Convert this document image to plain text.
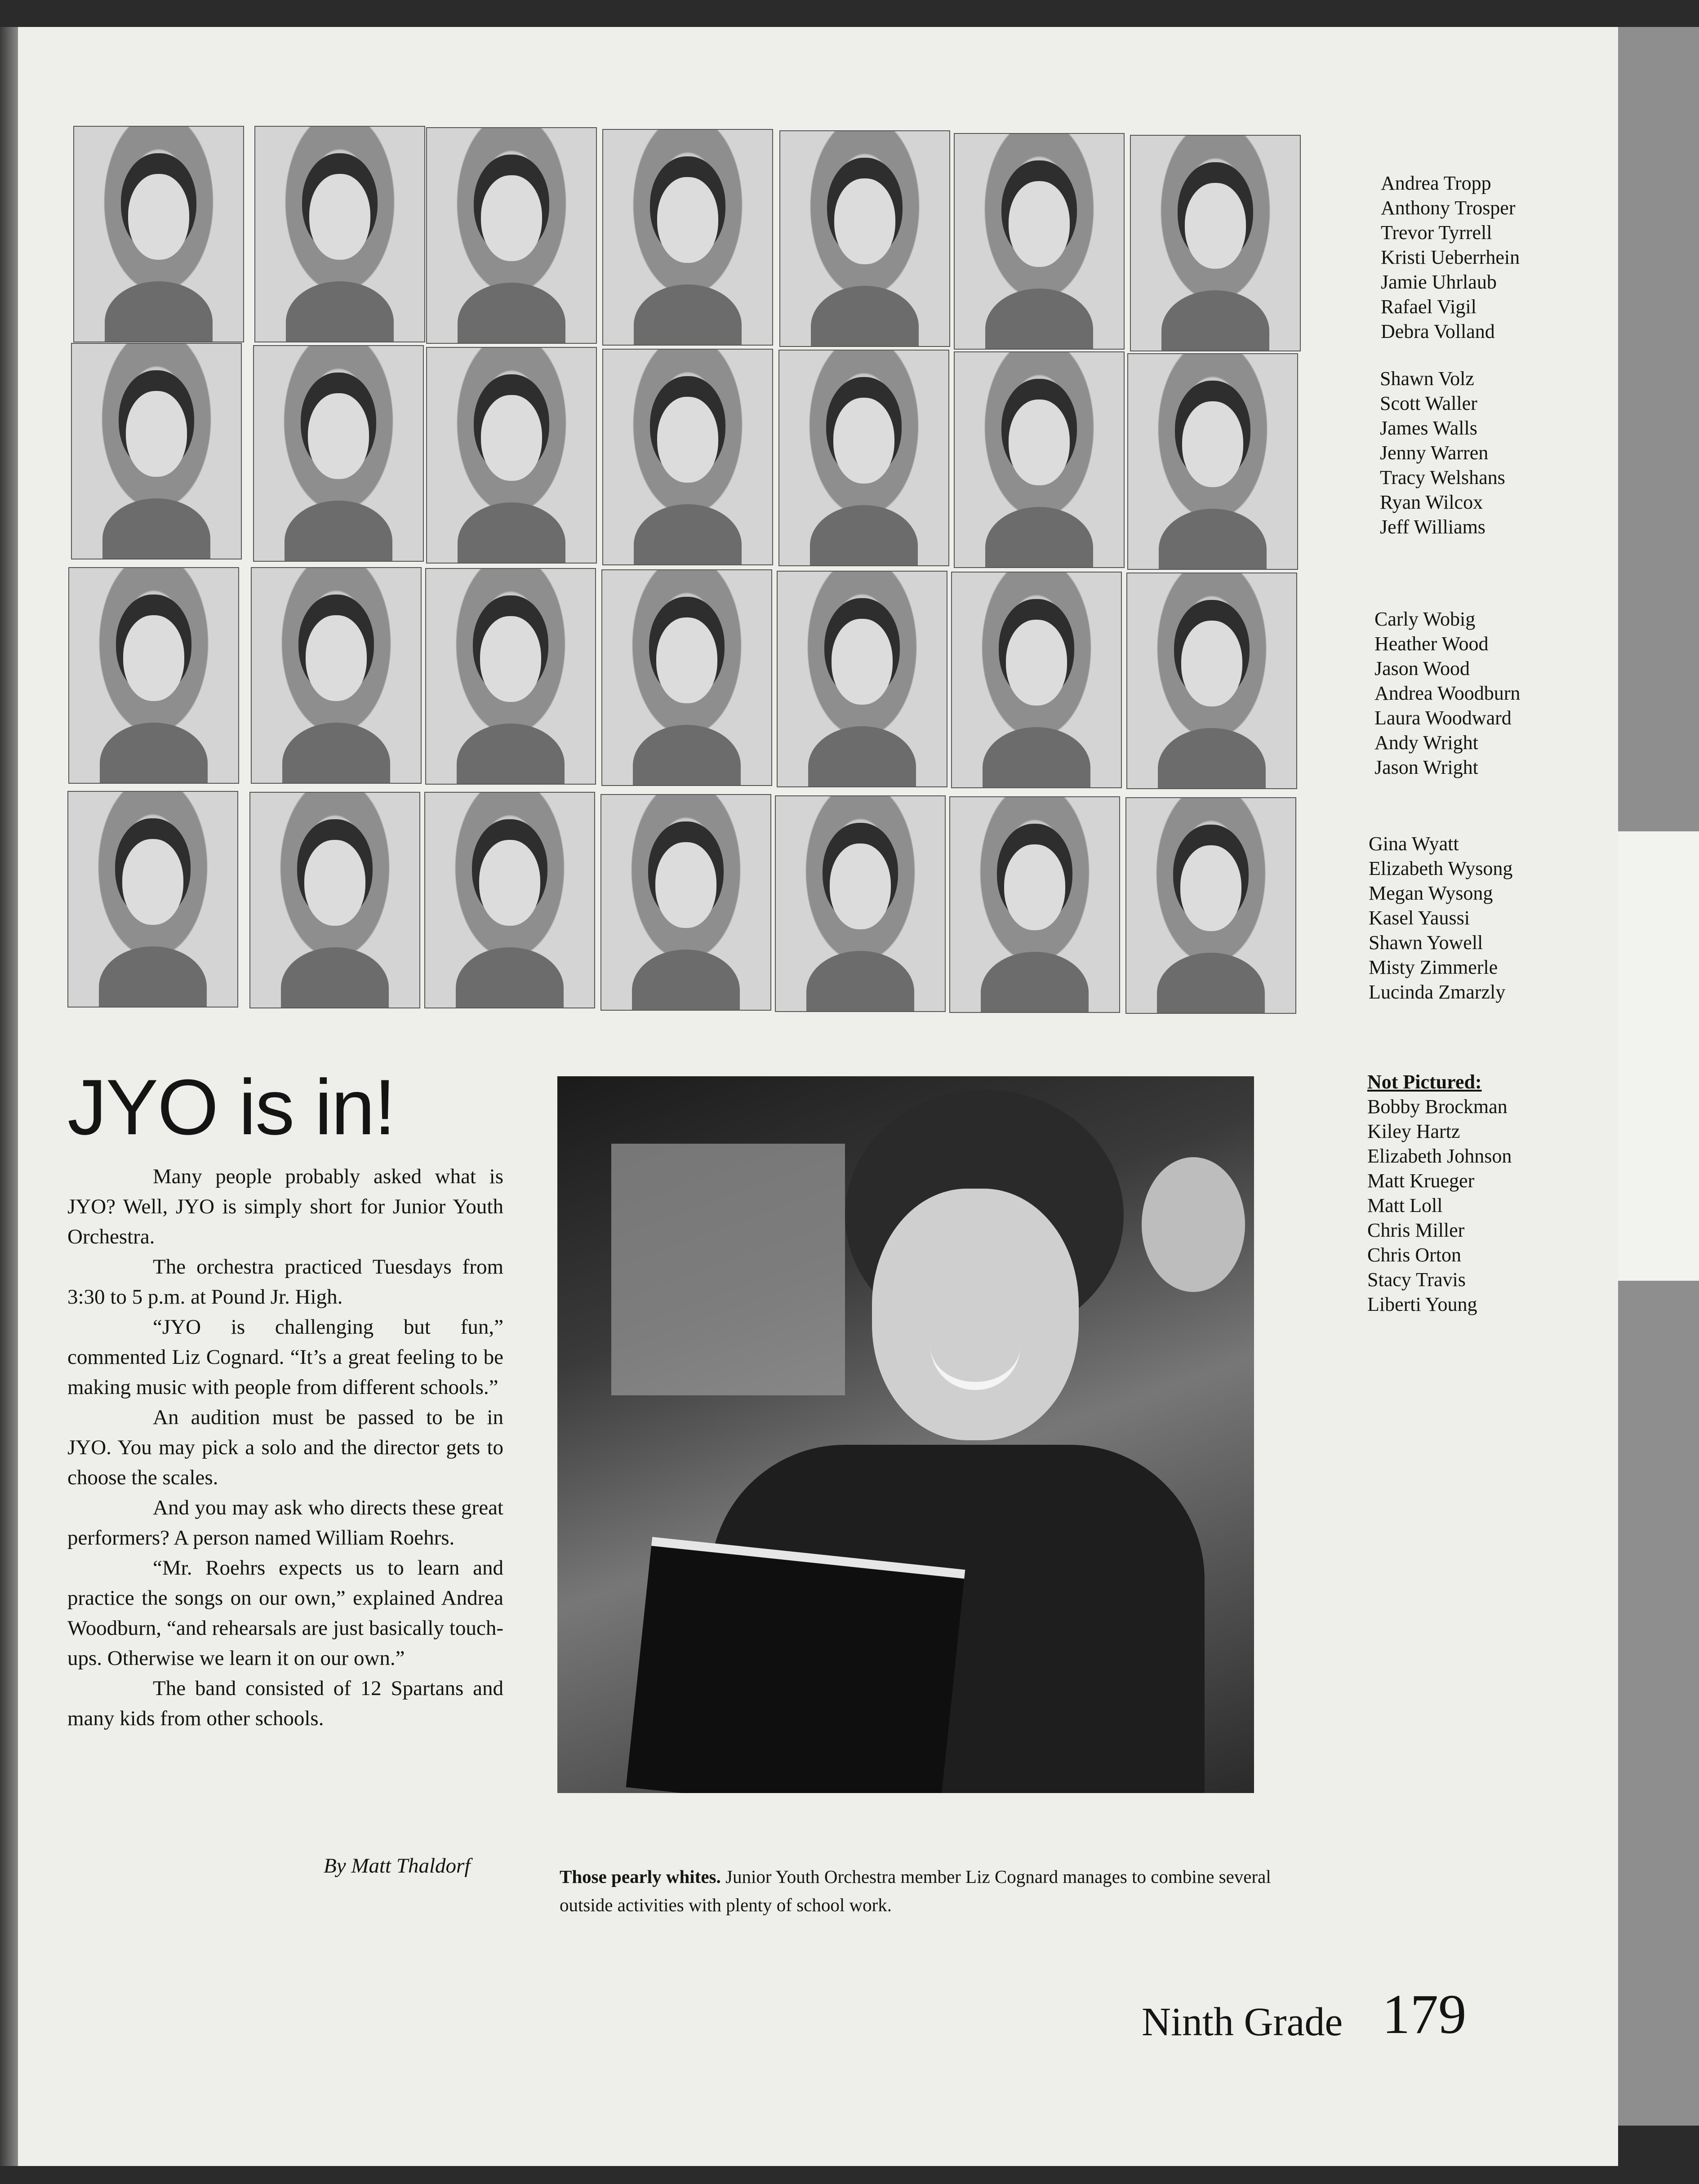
Andrea Tropp
Anthony Trosper
Trevor Tyrrell
Kristi Ueberrhein
Jamie Uhrlaub
Rafael Vigil
Debra Volland
Shawn Volz
Scott Waller
James Walls
Jenny Warren
Tracy Welshans
Ryan Wilcox
Jeff Williams
Carly Wobig
Heather Wood
Jason Wood
Andrea Woodburn
Laura Woodward
Andy Wright
Jason Wright
Gina Wyatt
Elizabeth Wysong
Megan Wysong
Kasel Yaussi
Shawn Yowell
Misty Zimmerle
Lucinda Zmarzly
Not Pictured:
Bobby Brockman
Kiley Hartz
Elizabeth Johnson
Matt Krueger
Matt Loll
Chris Miller
Chris Orton
Stacy Travis
Liberti Young
JYO is in!

Many people probably asked what is JYO? Well, JYO is simply short for Junior Youth Orchestra.

The orchestra practiced Tuesdays from 3:30 to 5 p.m. at Pound Jr. High.

“JYO is challenging but fun,” commented Liz Cognard. “It’s a great feeling to be making music with people from different schools.”

An audition must be passed to be in JYO. You may pick a solo and the director gets to choose the scales.

And you may ask who directs these great performers? A person named William Roehrs.

“Mr. Roehrs expects us to learn and practice the songs on our own,” explained Andrea Woodburn, “and rehearsals are just basically touch-ups. Otherwise we learn it on our own.”

The band consisted of 12 Spartans and many kids from other schools.

By Matt Thaldorf	Those pearly whites. Junior Youth Orchestra member Liz Cognard manages to combine several outside activities with plenty of school work.
Ninth Grade 179
